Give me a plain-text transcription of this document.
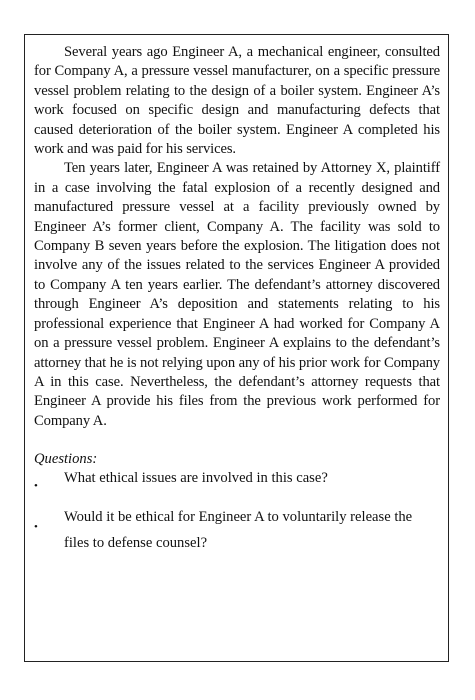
Several years ago Engineer A, a mechanical engineer, consulted for Company A, a pressure vessel manufacturer, on a specific pressure vessel problem relating to the design of a boiler system. Engineer A’s work focused on specific design and manufacturing defects that caused deterioration of the boiler system. Engineer A completed his work and was paid for his services.

Ten years later, Engineer A was retained by Attorney X, plaintiff in a case involving the fatal explosion of a recently designed and manufactured pressure vessel at a facility previously owned by Engineer A’s former client, Company A. The facility was sold to Company B seven years before the explosion. The litigation does not involve any of the issues related to the services Engineer A provided to Company A ten years earlier. The defendant’s attorney discovered through Engineer A’s deposition and statements relating to his professional experience that Engineer A had worked for Company A on a pressure vessel problem. Engineer A explains to the defendant’s attorney that he is not relying upon any of his prior work for Company A in this case. Nevertheless, the defendant’s attorney requests that Engineer A provide his files from the previous work performed for Company A.

Questions:

• What ethical issues are involved in this case?
•
Would it be ethical for Engineer A to voluntarily release the files to defense counsel?
